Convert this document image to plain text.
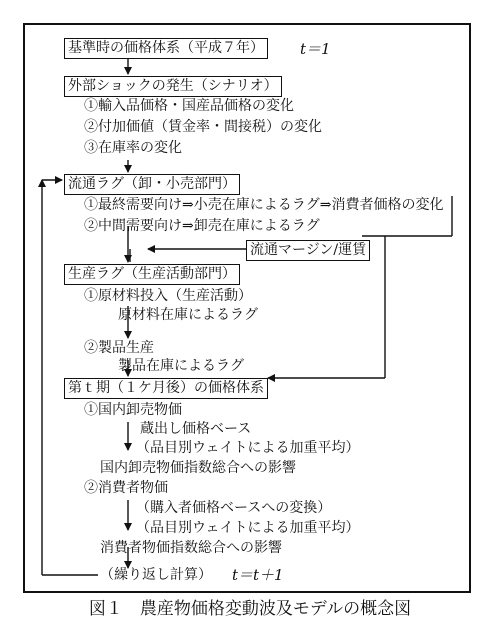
基準時の価格体系（平成７年） t＝1
外部ショックの発生（シナリオ）
①輸入品価格・国産品価格の変化
②付加価値（賃金率・間接税）の変化
③在庫率の変化
流通ラグ（卸・小売部門）
①最終需要向け⇒小売在庫によるラグ⇒消費者価格の変化
②中間需要向け⇒卸売在庫によるラグ
流通マージン/運賃
生産ラグ（生産活動部門）
①原材料投入（生産活動）
原材料在庫によるラグ
②製品生産
製品在庫によるラグ
第ｔ期（１ケ月後）の価格体系
①国内卸売物価
蔵出し価格ベース
（品目別ウェイトによる加重平均）
国内卸売物価指数総合への影響
②消費者物価
（購入者価格ベースへの変換）
（品目別ウェイトによる加重平均）
消費者物価指数総合への影響
（繰り返し計算） t＝t＋1
図１　農産物価格変動波及モデルの概念図
